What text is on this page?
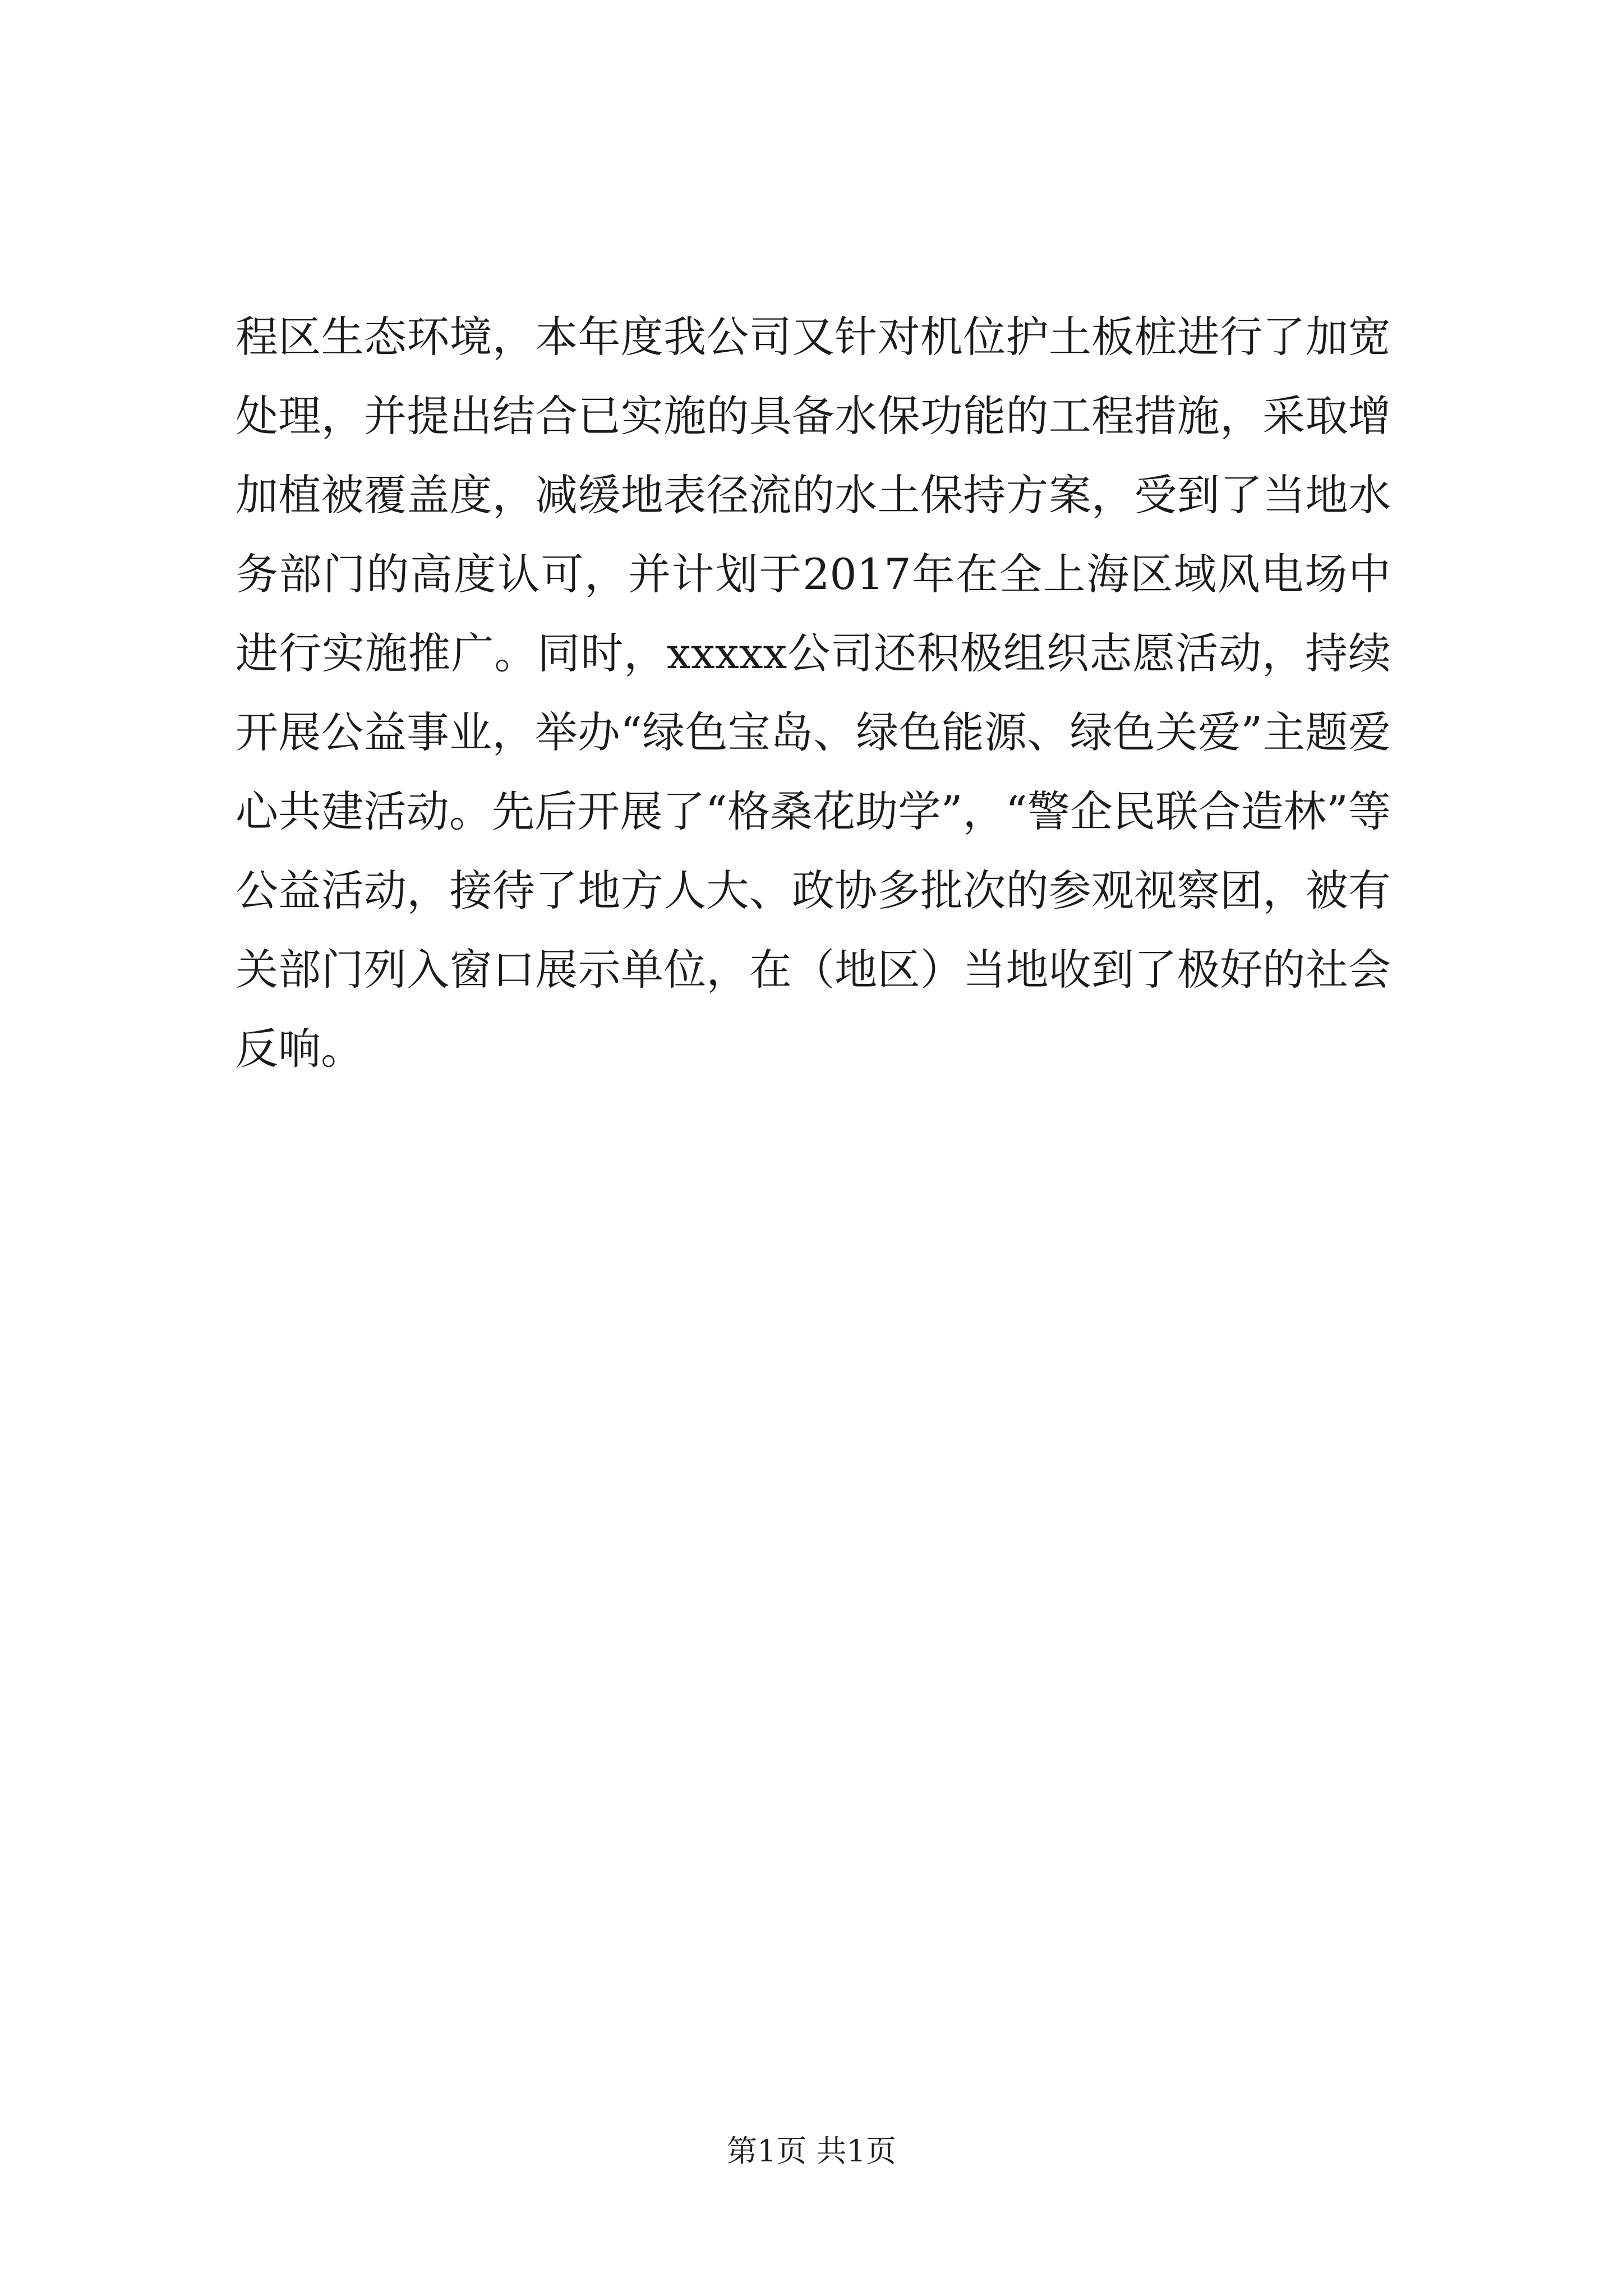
程区生态环境，本年度我公司又针对机位护土板桩进行了加宽处理，并提出结合已实施的具备水保功能的工程措施，采取增加植被覆盖度，减缓地表径流的水土保持方案，受到了当地水务部门的高度认可，并计划于2017年在全上海区域风电场中进行实施推广。同时，xxxxx公司还积极组织志愿活动，持续开展公益事业，举办“绿色宝岛、绿色能源、绿色关爱”主题爱心共建活动。先后开展了“格桑花助学”，“警企民联合造林”等公益活动，接待了地方人大、政协多批次的参观视察团，被有关部门列入窗口展示单位，在（地区）当地收到了极好的社会反响。

第1页 共1页
